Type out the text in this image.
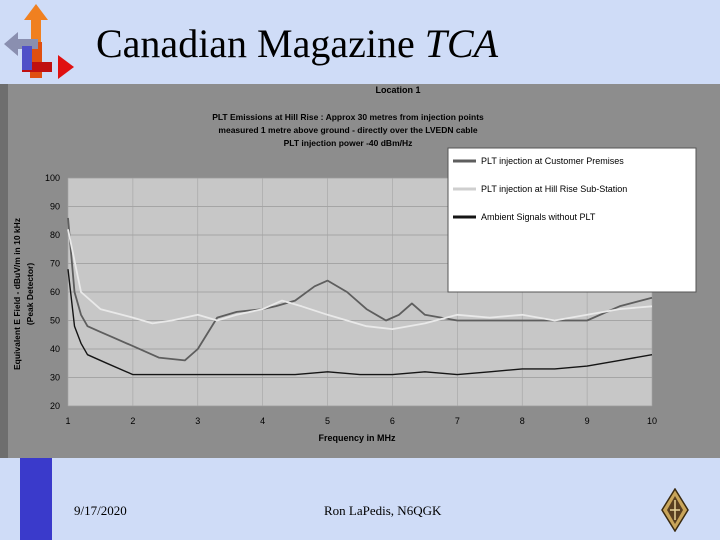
Canadian Magazine TCA
Location 1
PLT Emissions at Hill Rise : Approx 30 metres from injection points
measured 1 metre above ground - directly over the LVEDN cable
PLT injection power -40 dBm/Hz
20
30
40
50
60
70
80
90
100
1	2	3	4	5	6	7	8	9	10
Frequency in MHz
Equivalent E Field - dBuV/m in 10 kHz (Peak Detector)
PLT injection at Customer Premises
PLT injection at Hill Rise Sub-Station
Ambient Signals without PLT
9/17/2020	Ron LaPedis, N6QGK
